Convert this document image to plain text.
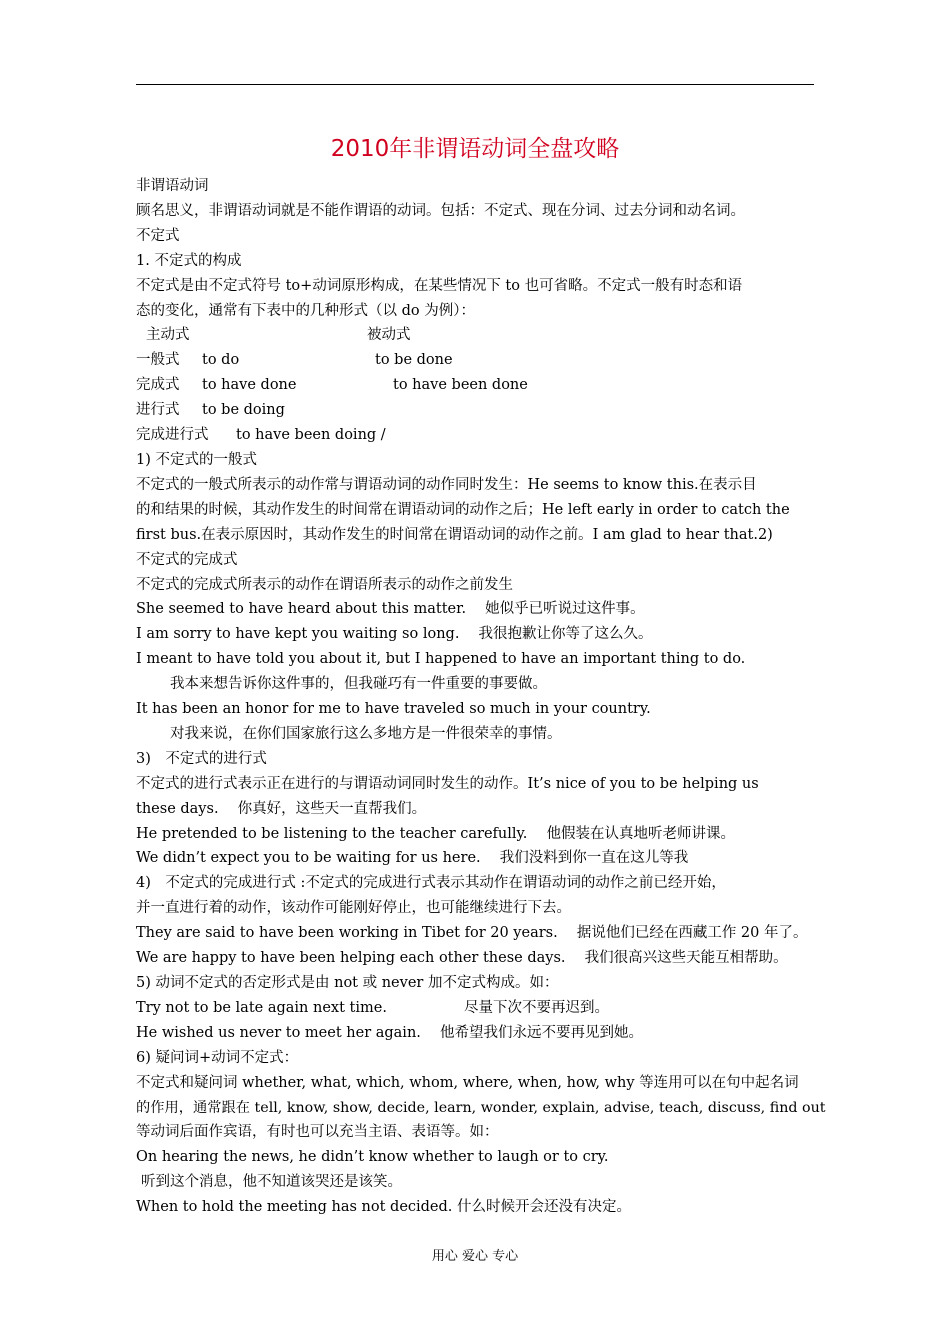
2010年非谓语动词全盘攻略

非谓语动词

顾名思义，非谓语动词就是不能作谓语的动词。包括：不定式、现在分词、过去分词和动名词。

不定式

1. 不定式的构成

不定式是由不定式符号 to+动词原形构成，在某些情况下 to 也可省略。不定式一般有时态和语

态的变化，通常有下表中的几种形式（以 do 为例）：

主动式	被动式

一般式 to do	to be done

完成式 to have done	to have been done

进行式 to be doing

完成进行式 to have been doing /

1) 不定式的一般式

不定式的一般式所表示的动作常与谓语动词的动作同时发生：He seems to know this.在表示目

的和结果的时候，其动作发生的时间常在谓语动词的动作之后；He left early in order to catch the

first bus.在表示原因时，其动作发生的时间常在谓语动词的动作之前。I am glad to hear that.2)

不定式的完成式

不定式的完成式所表示的动作在谓语所表示的动作之前发生

She seemed to have heard about this matter.　 她似乎已听说过这件事。

I am sorry to have kept you waiting so long.　 我很抱歉让你等了这么久。

I meant to have told you about it, but I happened to have an important thing to do.

我本来想告诉你这件事的，但我碰巧有一件重要的事要做。

It has been an honor for me to have traveled so much in your country.

对我来说，在你们国家旅行这么多地方是一件很荣幸的事情。

3)　不定式的进行式

不定式的进行式表示正在进行的与谓语动词同时发生的动作。It’s nice of you to be helping us

these days.　 你真好，这些天一直帮我们。

He pretended to be listening to the teacher carefully.　 他假装在认真地听老师讲课。

We didn’t expect you to be waiting for us here.　 我们没料到你一直在这儿等我

4)　不定式的完成进行式 :不定式的完成进行式表示其动作在谓语动词的动作之前已经开始，

并一直进行着的动作，该动作可能刚好停止，也可能继续进行下去。

They are said to have been working in Tibet for 20 years.　 据说他们已经在西藏工作 20 年了。

We are happy to have been helping each other these days.　 我们很高兴这些天能互相帮助。

5) 动词不定式的否定形式是由 not 或 never 加不定式构成。如：

Try not to be late again next time.　　　　　 尽量下次不要再迟到。

He wished us never to meet her again.　 他希望我们永远不要再见到她。

6) 疑问词+动词不定式：

不定式和疑问词 whether, what, which, whom, where, when, how, why 等连用可以在句中起名词

的作用，通常跟在 tell, know, show, decide, learn, wonder, explain, advise, teach, discuss, find out

等动词后面作宾语，有时也可以充当主语、表语等。如：

On hearing the news, he didn’t know whether to laugh or to cry.

听到这个消息，他不知道该哭还是该笑。

When to hold the meeting has not decided. 什么时候开会还没有决定。

用心 爱心 专心
